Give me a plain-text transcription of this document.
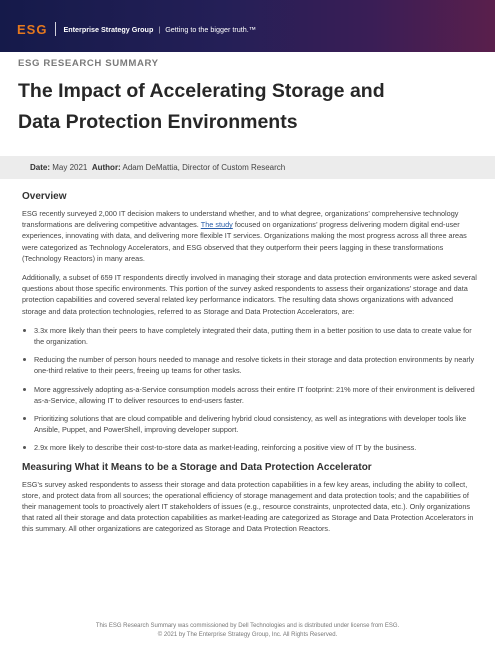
ESG Enterprise Strategy Group | Getting to the bigger truth.™
ESG RESEARCH SUMMARY
The Impact of Accelerating Storage and
Data Protection Environments
Date: May 2021 Author: Adam DeMattia, Director of Custom Research
Overview

ESG recently surveyed 2,000 IT decision makers to understand whether, and to what degree, organizations’ comprehensive technology transformations are delivering competitive advantages. The study focused on organizations’ progress delivering modern digital end-user experiences, innovating with data, and delivering more flexible IT services. Organizations making the most progress across all three areas were categorized as Technology Accelerators, and ESG observed that they outperform their peers lagging in these transformations (Technology Reactors) in many areas.

Additionally, a subset of 659 IT respondents directly involved in managing their storage and data protection environments were asked several questions about those specific environments. This portion of the survey asked respondents to assess their organizations’ storage and data protection capabilities and covered several related key performance indicators. The resulting data shows organizations with advanced storage and data protection technologies, referred to as Storage and Data Protection Accelerators, are:

3.3x more likely than their peers to have completely integrated their data, putting them in a better position to use data to create value for the organization.
Reducing the number of person hours needed to manage and resolve tickets in their storage and data protection environments by nearly one-third relative to their peers, freeing up teams for other tasks.
More aggressively adopting as-a-Service consumption models across their entire IT footprint: 21% more of their environment is delivered as-a-Service, allowing IT to deliver resources to end-users faster.
Prioritizing solutions that are cloud compatible and delivering hybrid cloud consistency, as well as integrations with developer tools like Ansible, Puppet, and PowerShell, improving developer support.
2.9x more likely to describe their cost-to-store data as market-leading, reinforcing a positive view of IT by the business.
Measuring What it Means to be a Storage and Data Protection Accelerator

ESG’s survey asked respondents to assess their storage and data protection capabilities in a few key areas, including the ability to collect, store, and protect data from all sources; the operational efficiency of storage management and data protection tools; and the capabilities of their management tools to proactively alert IT stakeholders of issues (e.g., resource constraints, unprotected data, etc.). Only organizations that rated all their storage and data protection capabilities as market-leading are categorized as Storage and Data Protection Accelerators in this summary. All other organizations are categorized as Storage and Data Protection Reactors.

This ESG Research Summary was commissioned by Dell Technologies and is distributed under license from ESG.
© 2021 by The Enterprise Strategy Group, Inc. All Rights Reserved.
